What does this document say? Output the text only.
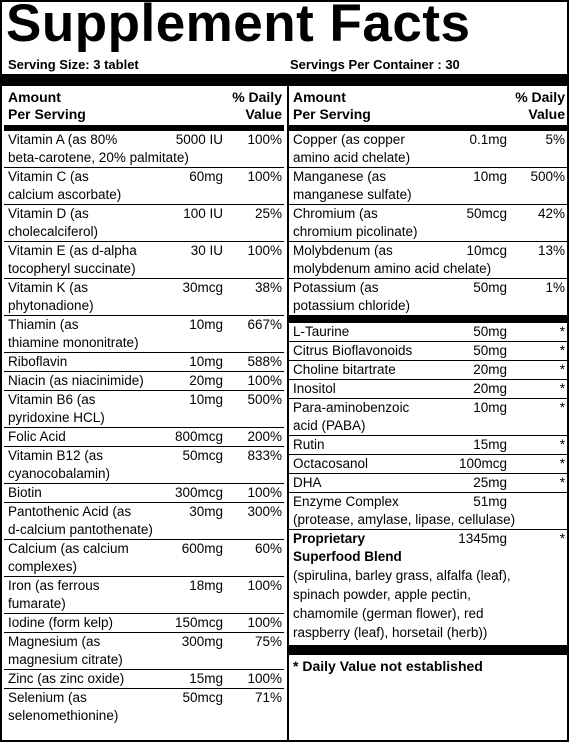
Supplement Facts
Serving Size: 3 tablet	Servings Per Container : 30
Amount
Per Serving
% Daily
Value
Vitamin A (as 80%
beta-carotene, 20% palmitate)
5000 IU 100%
Vitamin C (as
calcium ascorbate)
60mg 100%
Vitamin D (as
cholecalciferol)
100 IU 25%
Vitamin E (as d-alpha
tocopheryl succinate)
30 IU 100%
Vitamin K (as
phytonadione)
30mcg 38%
Thiamin (as
thiamine mononitrate)
10mg 667%
Riboflavin	10mg 588%
Niacin (as niacinimide)	20mg 100%
Vitamin B6 (as
pyridoxine HCL)
10mg 500%
Folic Acid	800mcg 200%
Vitamin B12 (as
cyanocobalamin)
50mcg 833%
Biotin	300mcg 100%
Pantothenic Acid (as
d-calcium pantothenate)
30mg 300%
Calcium (as calcium
complexes)
600mg 60%
Iron (as ferrous
fumarate)
18mg 100%
Iodine (form kelp)	150mcg 100%
Magnesium (as
magnesium citrate)
300mg 75%
Zinc (as zinc oxide)	15mg 100%
Selenium (as
selenomethionine)
50mcg 71%
Amount
Per Serving
% Daily
Value
Copper (as copper
amino acid chelate)
0.1mg	5%
Manganese (as
manganese sulfate)
10mg 500%
Chromium (as
chromium picolinate)
50mcg 42%
Molybdenum (as
molybdenum amino acid chelate)
10mcg 13%
Potassium (as
potassium chloride)
50mg	1%
L-Taurine	50mg	*
Citrus Bioflavonoids	50mg	*
Choline bitartrate	20mg	*
Inositol	20mg	*
Para-aminobenzoic
acid (PABA)
10mg	*
Rutin	15mg	*
Octacosanol	100mcg	*
DHA	25mg	*
Enzyme Complex
(protease, amylase, lipase, cellulase)
51mg
Proprietary
Superfood Blend
1345mg	*
(spirulina, barley grass, alfalfa (leaf),
spinach powder, apple pectin,
chamomile (german flower), red
raspberry (leaf), horsetail (herb))
* Daily Value not established
